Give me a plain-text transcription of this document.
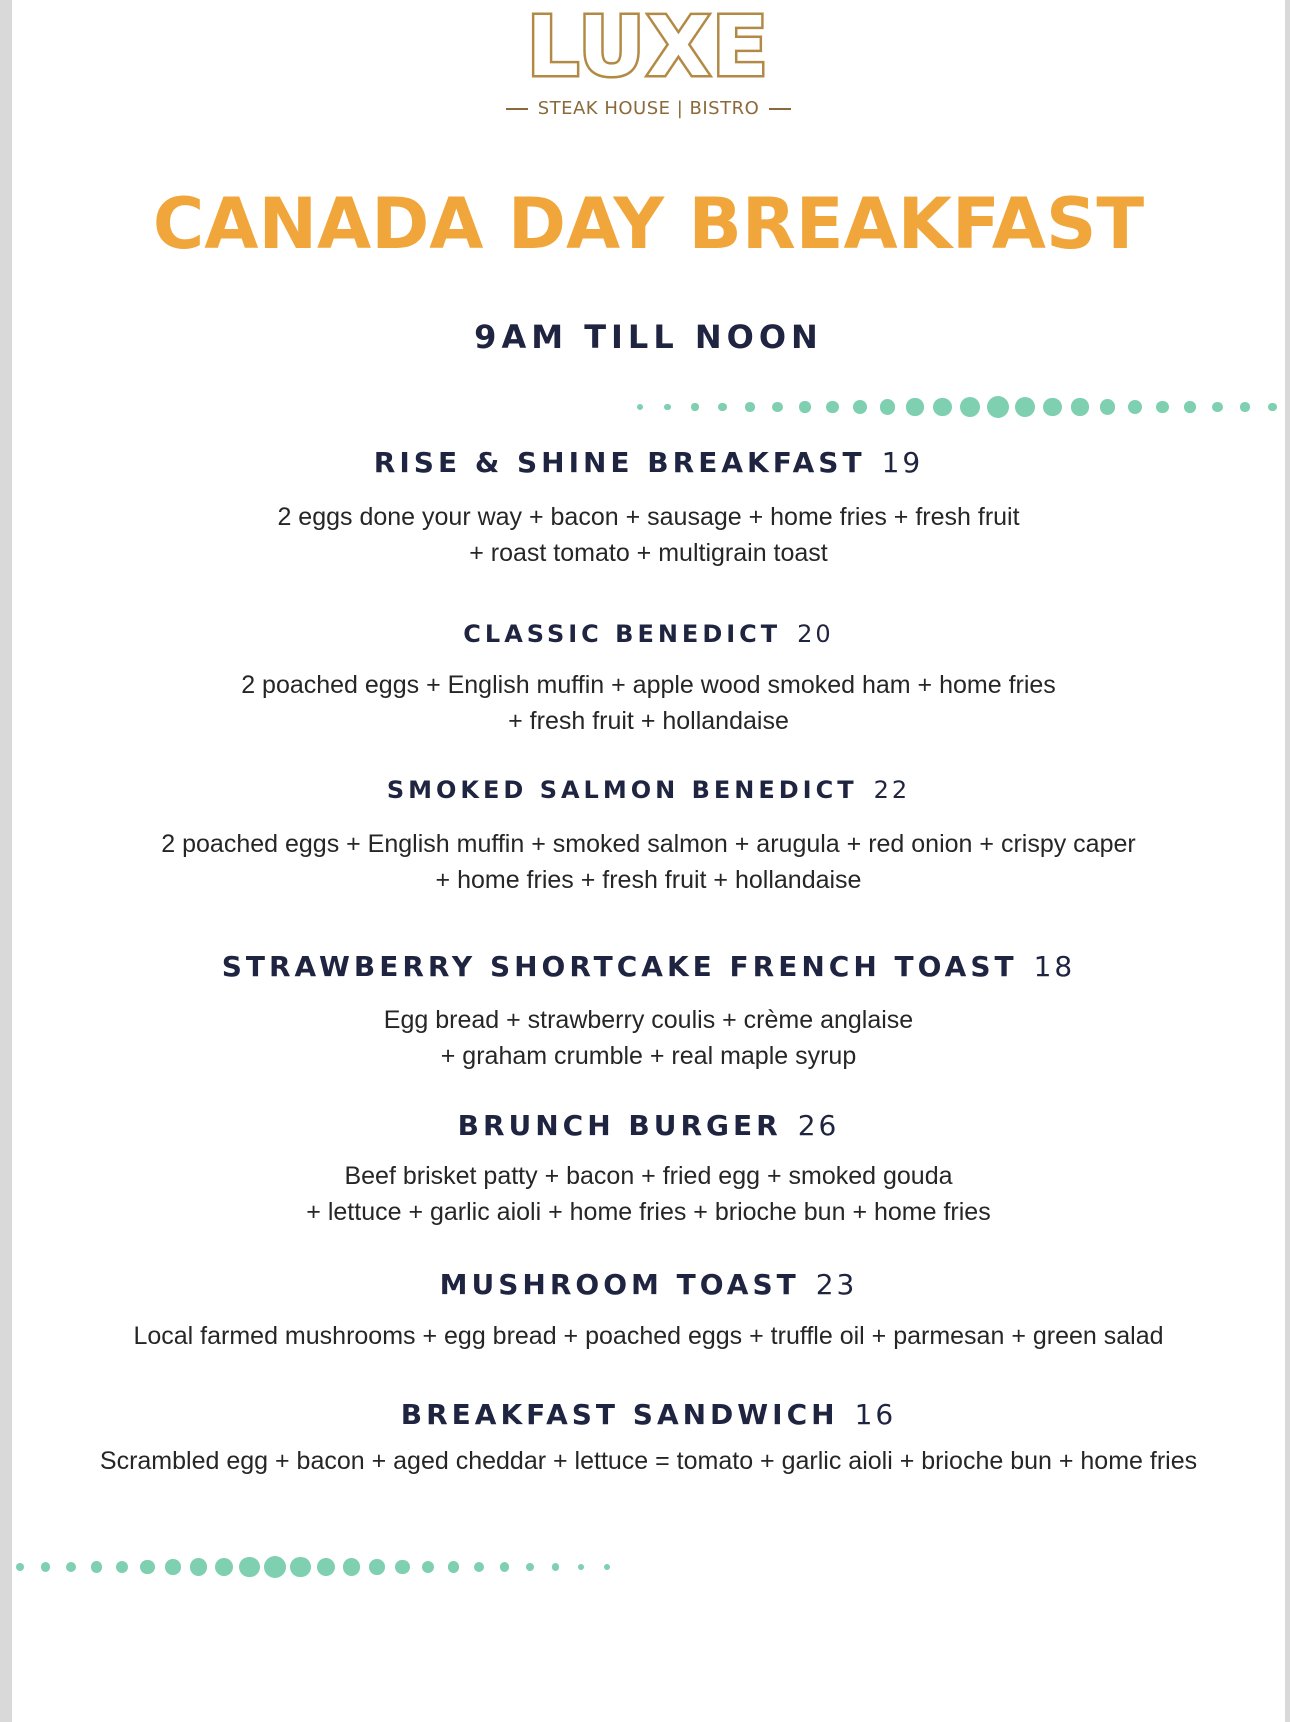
LUXE
STEAK HOUSE | BISTRO
CANADA DAY BREAKFAST
9AM TILL NOON
RISE & SHINE BREAKFAST 19
2 eggs done your way + bacon + sausage + home fries + fresh fruit
+ roast tomato + multigrain toast
CLASSIC BENEDICT 20
2 poached eggs + English muffin + apple wood smoked ham + home fries
+ fresh fruit + hollandaise
SMOKED SALMON BENEDICT 22
2 poached eggs + English muffin + smoked salmon + arugula + red onion + crispy caper
+ home fries + fresh fruit + hollandaise
STRAWBERRY SHORTCAKE FRENCH TOAST 18
Egg bread + strawberry coulis + crème anglaise
+ graham crumble + real maple syrup
BRUNCH BURGER 26
Beef brisket patty + bacon + fried egg + smoked gouda
+ lettuce + garlic aioli + home fries + brioche bun + home fries
MUSHROOM TOAST 23
Local farmed mushrooms + egg bread + poached eggs + truffle oil + parmesan + green salad
BREAKFAST SANDWICH 16
Scrambled egg + bacon + aged cheddar + lettuce = tomato + garlic aioli + brioche bun + home fries
